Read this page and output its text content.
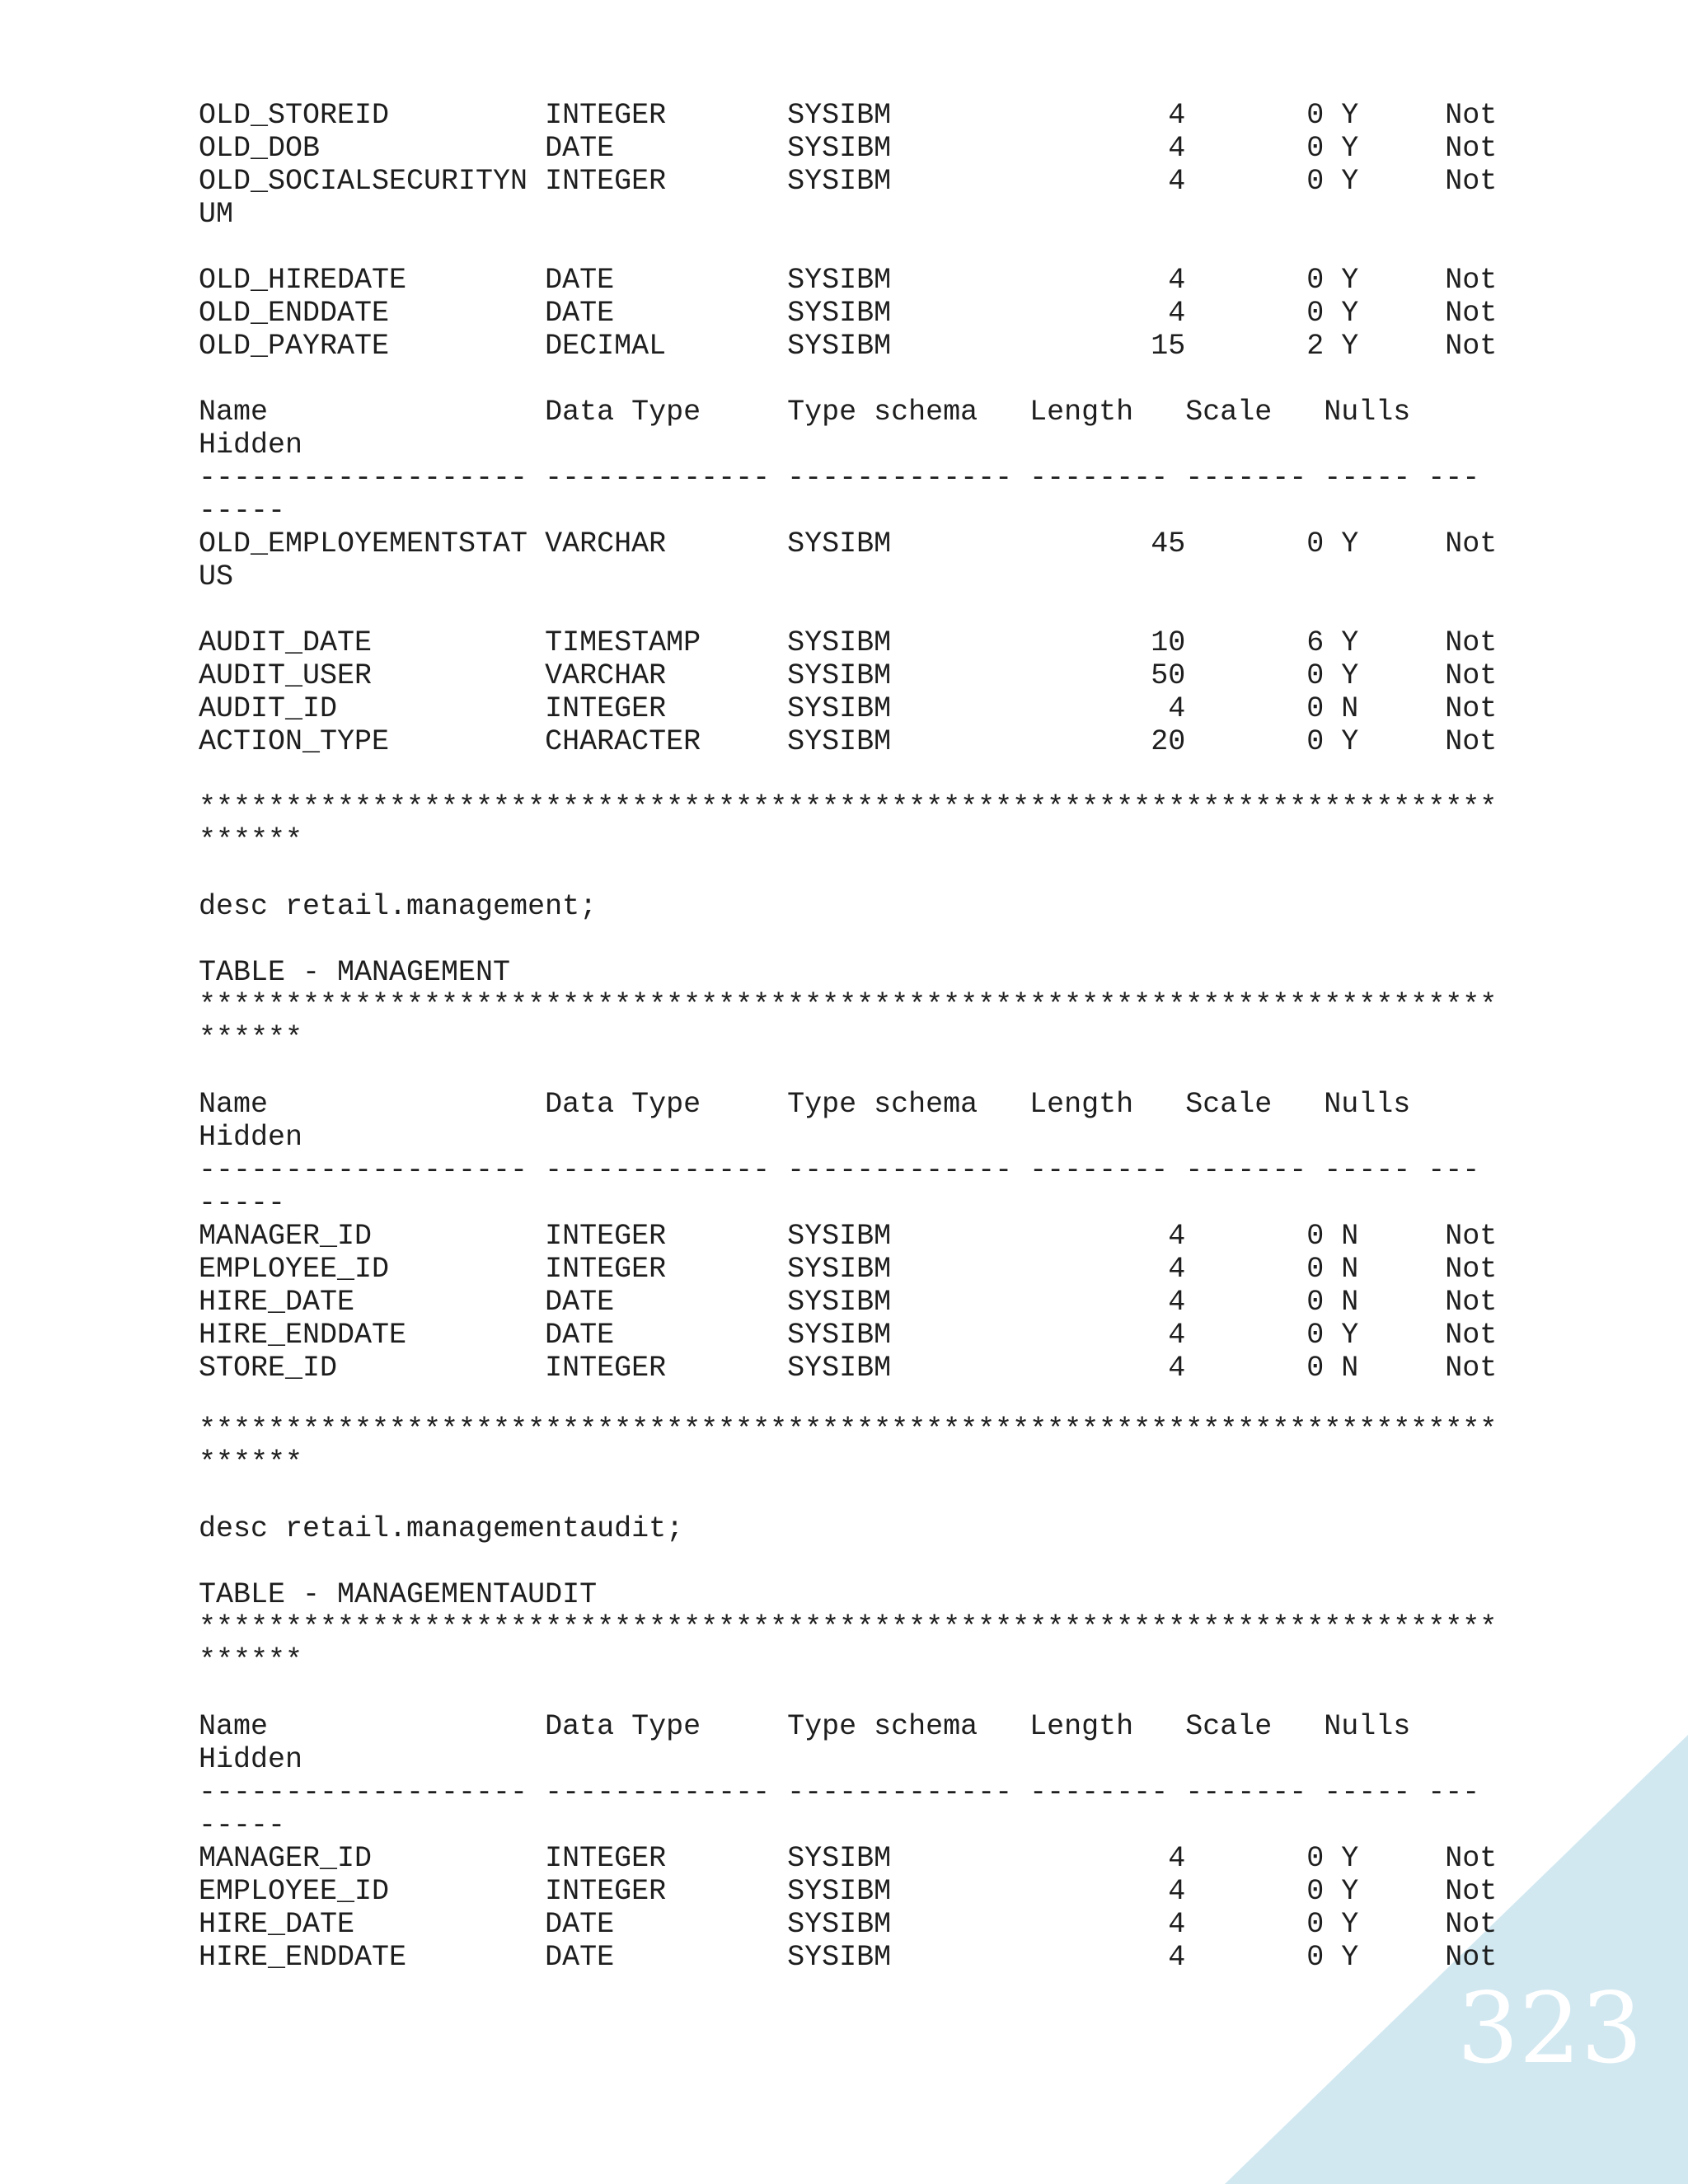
OLD_STOREID         INTEGER       SYSIBM                4       0 Y     Not
OLD_DOB             DATE          SYSIBM                4       0 Y     Not
OLD_SOCIALSECURITYN INTEGER       SYSIBM                4       0 Y     Not
UM
OLD_HIREDATE        DATE          SYSIBM                4       0 Y     Not
OLD_ENDDATE         DATE          SYSIBM                4       0 Y     Not
OLD_PAYRATE         DECIMAL       SYSIBM               15       2 Y     Not
Name                Data Type     Type schema   Length   Scale   Nulls
Hidden
------------------- ------------- ------------- -------- ------- ----- ---
-----
OLD_EMPLOYEMENTSTAT VARCHAR       SYSIBM               45       0 Y     Not
US
AUDIT_DATE          TIMESTAMP     SYSIBM               10       6 Y     Not
AUDIT_USER          VARCHAR       SYSIBM               50       0 Y     Not
AUDIT_ID            INTEGER       SYSIBM                4       0 N     Not
ACTION_TYPE         CHARACTER     SYSIBM               20       0 Y     Not
***************************************************************************
******
desc retail.management;
TABLE - MANAGEMENT
***************************************************************************
******
Name                Data Type     Type schema   Length   Scale   Nulls
Hidden
------------------- ------------- ------------- -------- ------- ----- ---
-----
MANAGER_ID          INTEGER       SYSIBM                4       0 N     Not
EMPLOYEE_ID         INTEGER       SYSIBM                4       0 N     Not
HIRE_DATE           DATE          SYSIBM                4       0 N     Not
HIRE_ENDDATE        DATE          SYSIBM                4       0 Y     Not
STORE_ID            INTEGER       SYSIBM                4       0 N     Not
***************************************************************************
******
desc retail.managementaudit;
TABLE - MANAGEMENTAUDIT
***************************************************************************
******
Name                Data Type     Type schema   Length   Scale   Nulls
Hidden
------------------- ------------- ------------- -------- ------- ----- ---
-----
MANAGER_ID          INTEGER       SYSIBM                4       0 Y     Not
EMPLOYEE_ID         INTEGER       SYSIBM                4       0 Y     Not
HIRE_DATE           DATE          SYSIBM                4       0 Y     Not
HIRE_ENDDATE        DATE          SYSIBM                4       0 Y     Not
323
